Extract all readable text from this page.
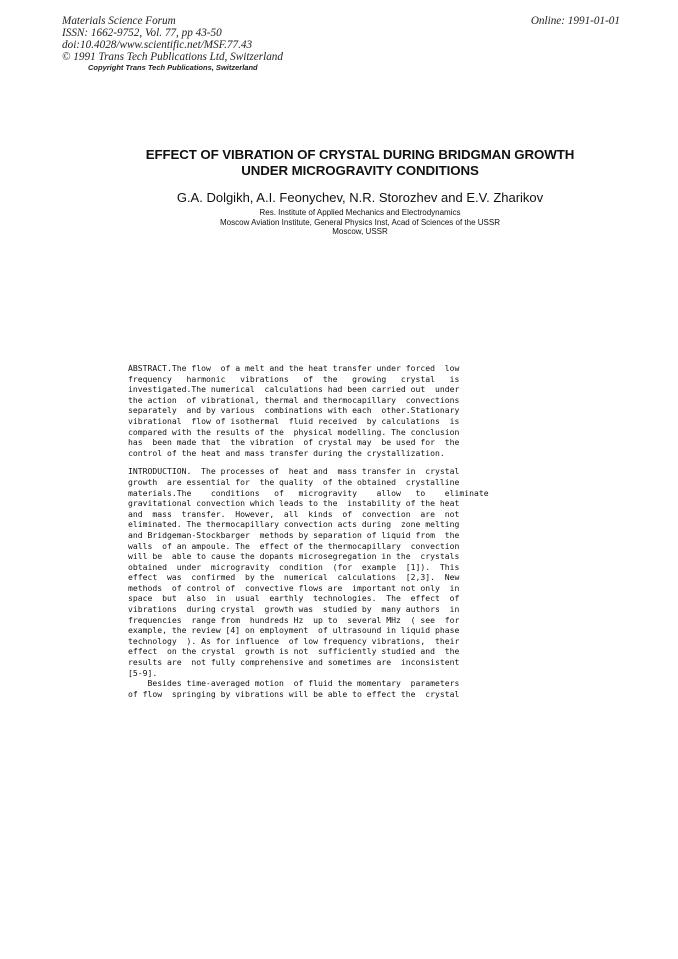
Materials Science Forum
ISSN: 1662-9752, Vol. 77, pp 43-50
doi:10.4028/www.scientific.net/MSF.77.43
© 1991 Trans Tech Publications Ltd, Switzerland
Online: 1991-01-01
Copyright Trans Tech Publications, Switzerland
EFFECT OF VIBRATION OF CRYSTAL DURING BRIDGMAN GROWTH
UNDER MICROGRAVITY CONDITIONS
G.A. Dolgikh, A.I. Feonychev, N.R. Storozhev and E.V. Zharikov
Res. Institute of Applied Mechanics and Electrodynamics
Moscow Aviation Institute, General Physics Inst, Acad of Sciences of the USSR
Moscow, USSR
ABSTRACT.The flow  of a melt and the heat transfer under forced  low
frequency   harmonic   vibrations   of  the   growing   crystal   is
investigated.The numerical  calculations had been carried out  under
the action  of vibrational, thermal and thermocapillary  convections
separately  and by various  combinations with each  other.Stationary
vibrational  flow of isothermal  fluid received  by calculations  is
compared with the results of the  physical modelling. The conclusion
has  been made that  the vibration  of crystal may  be used for  the
control of the heat and mass transfer during the crystallization.
INTRODUCTION.  The processes of  heat and  mass transfer in  crystal
growth  are essential for  the quality  of the obtained  crystalline
materials.The    conditions   of   microgravity    allow   to    eliminate
gravitational convection which leads to the  instability of the heat
and  mass  transfer.  However,  all  kinds  of  convection  are  not
eliminated. The thermocapillary convection acts during  zone melting
and Bridgeman-Stockbarger  methods by separation of liquid from  the
walls  of an ampoule. The  effect of the thermocapillary  convection
will be  able to cause the dopants microsegregation in the  crystals
obtained  under  microgravity  condition  (for  example  [1]).  This
effect  was  confirmed  by the  numerical  calculations  [2,3].  New
methods  of control of  convective flows are  important not only  in
space  but  also  in  usual  earthly  technologies.  The  effect  of
vibrations  during crystal  growth was  studied by  many authors  in
frequencies  range from  hundreds Hz  up to  several MHz  ( see  for
example, the review [4] on employment  of ultrasound in liquid phase
technology  ). As for influence  of low frequency vibrations,  their
effect  on the crystal  growth is not  sufficiently studied and  the
results are  not fully comprehensive and sometimes are  inconsistent
[5-9].
Besides time-averaged motion  of fluid the momentary  parameters
of flow  springing by vibrations will be able to effect the  crystal
